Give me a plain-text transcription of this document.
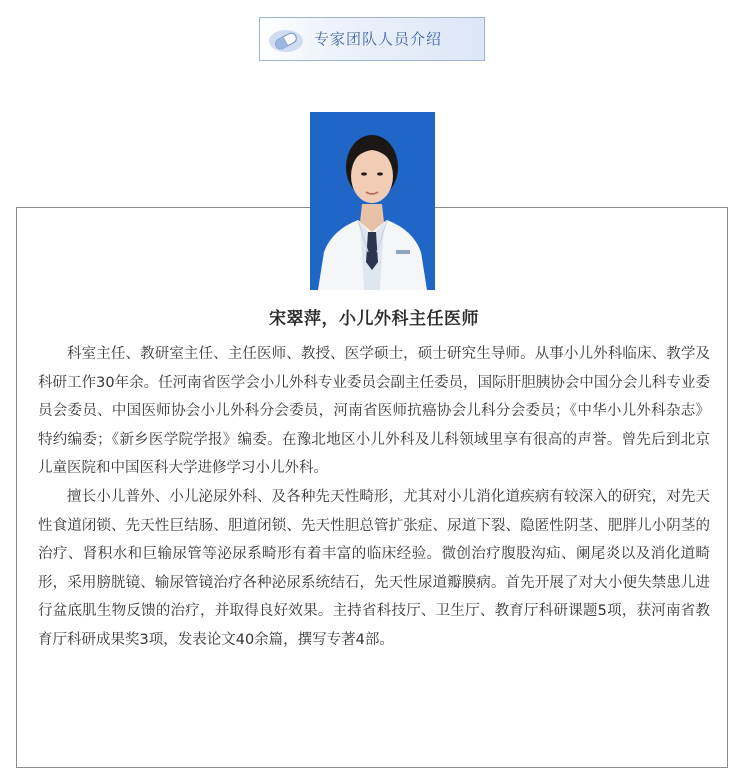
专家团队人员介绍
宋翠萍，小儿外科主任医师

科室主任、教研室主任、主任医师、教授、医学硕士，硕士研究生导师。从事小儿外科临床、教学及科研工作30年余。任河南省医学会小儿外科专业委员会副主任委员，国际肝胆胰协会中国分会儿科专业委员会委员、中国医师协会小儿外科分会委员，河南省医师抗癌协会儿科分会委员；《中华小儿外科杂志》特约编委；《新乡医学院学报》编委。在豫北地区小儿外科及儿科领域里享有很高的声誉。曾先后到北京儿童医院和中国医科大学进修学习小儿外科。

擅长小儿普外、小儿泌尿外科、及各种先天性畸形，尤其对小儿消化道疾病有较深入的研究，对先天性食道闭锁、先天性巨结肠、胆道闭锁、先天性胆总管扩张症、尿道下裂、隐匿性阴茎、肥胖儿小阴茎的治疗、肾积水和巨输尿管等泌尿系畸形有着丰富的临床经验。微创治疗腹股沟疝、阑尾炎以及消化道畸形，采用膀胱镜、输尿管镜治疗各种泌尿系统结石，先天性尿道瓣膜病。首先开展了对大小便失禁患儿进行盆底肌生物反馈的治疗，并取得良好效果。主持省科技厅、卫生厅、教育厅科研课题5项，获河南省教育厅科研成果奖3项，发表论文40余篇，撰写专著4部。
